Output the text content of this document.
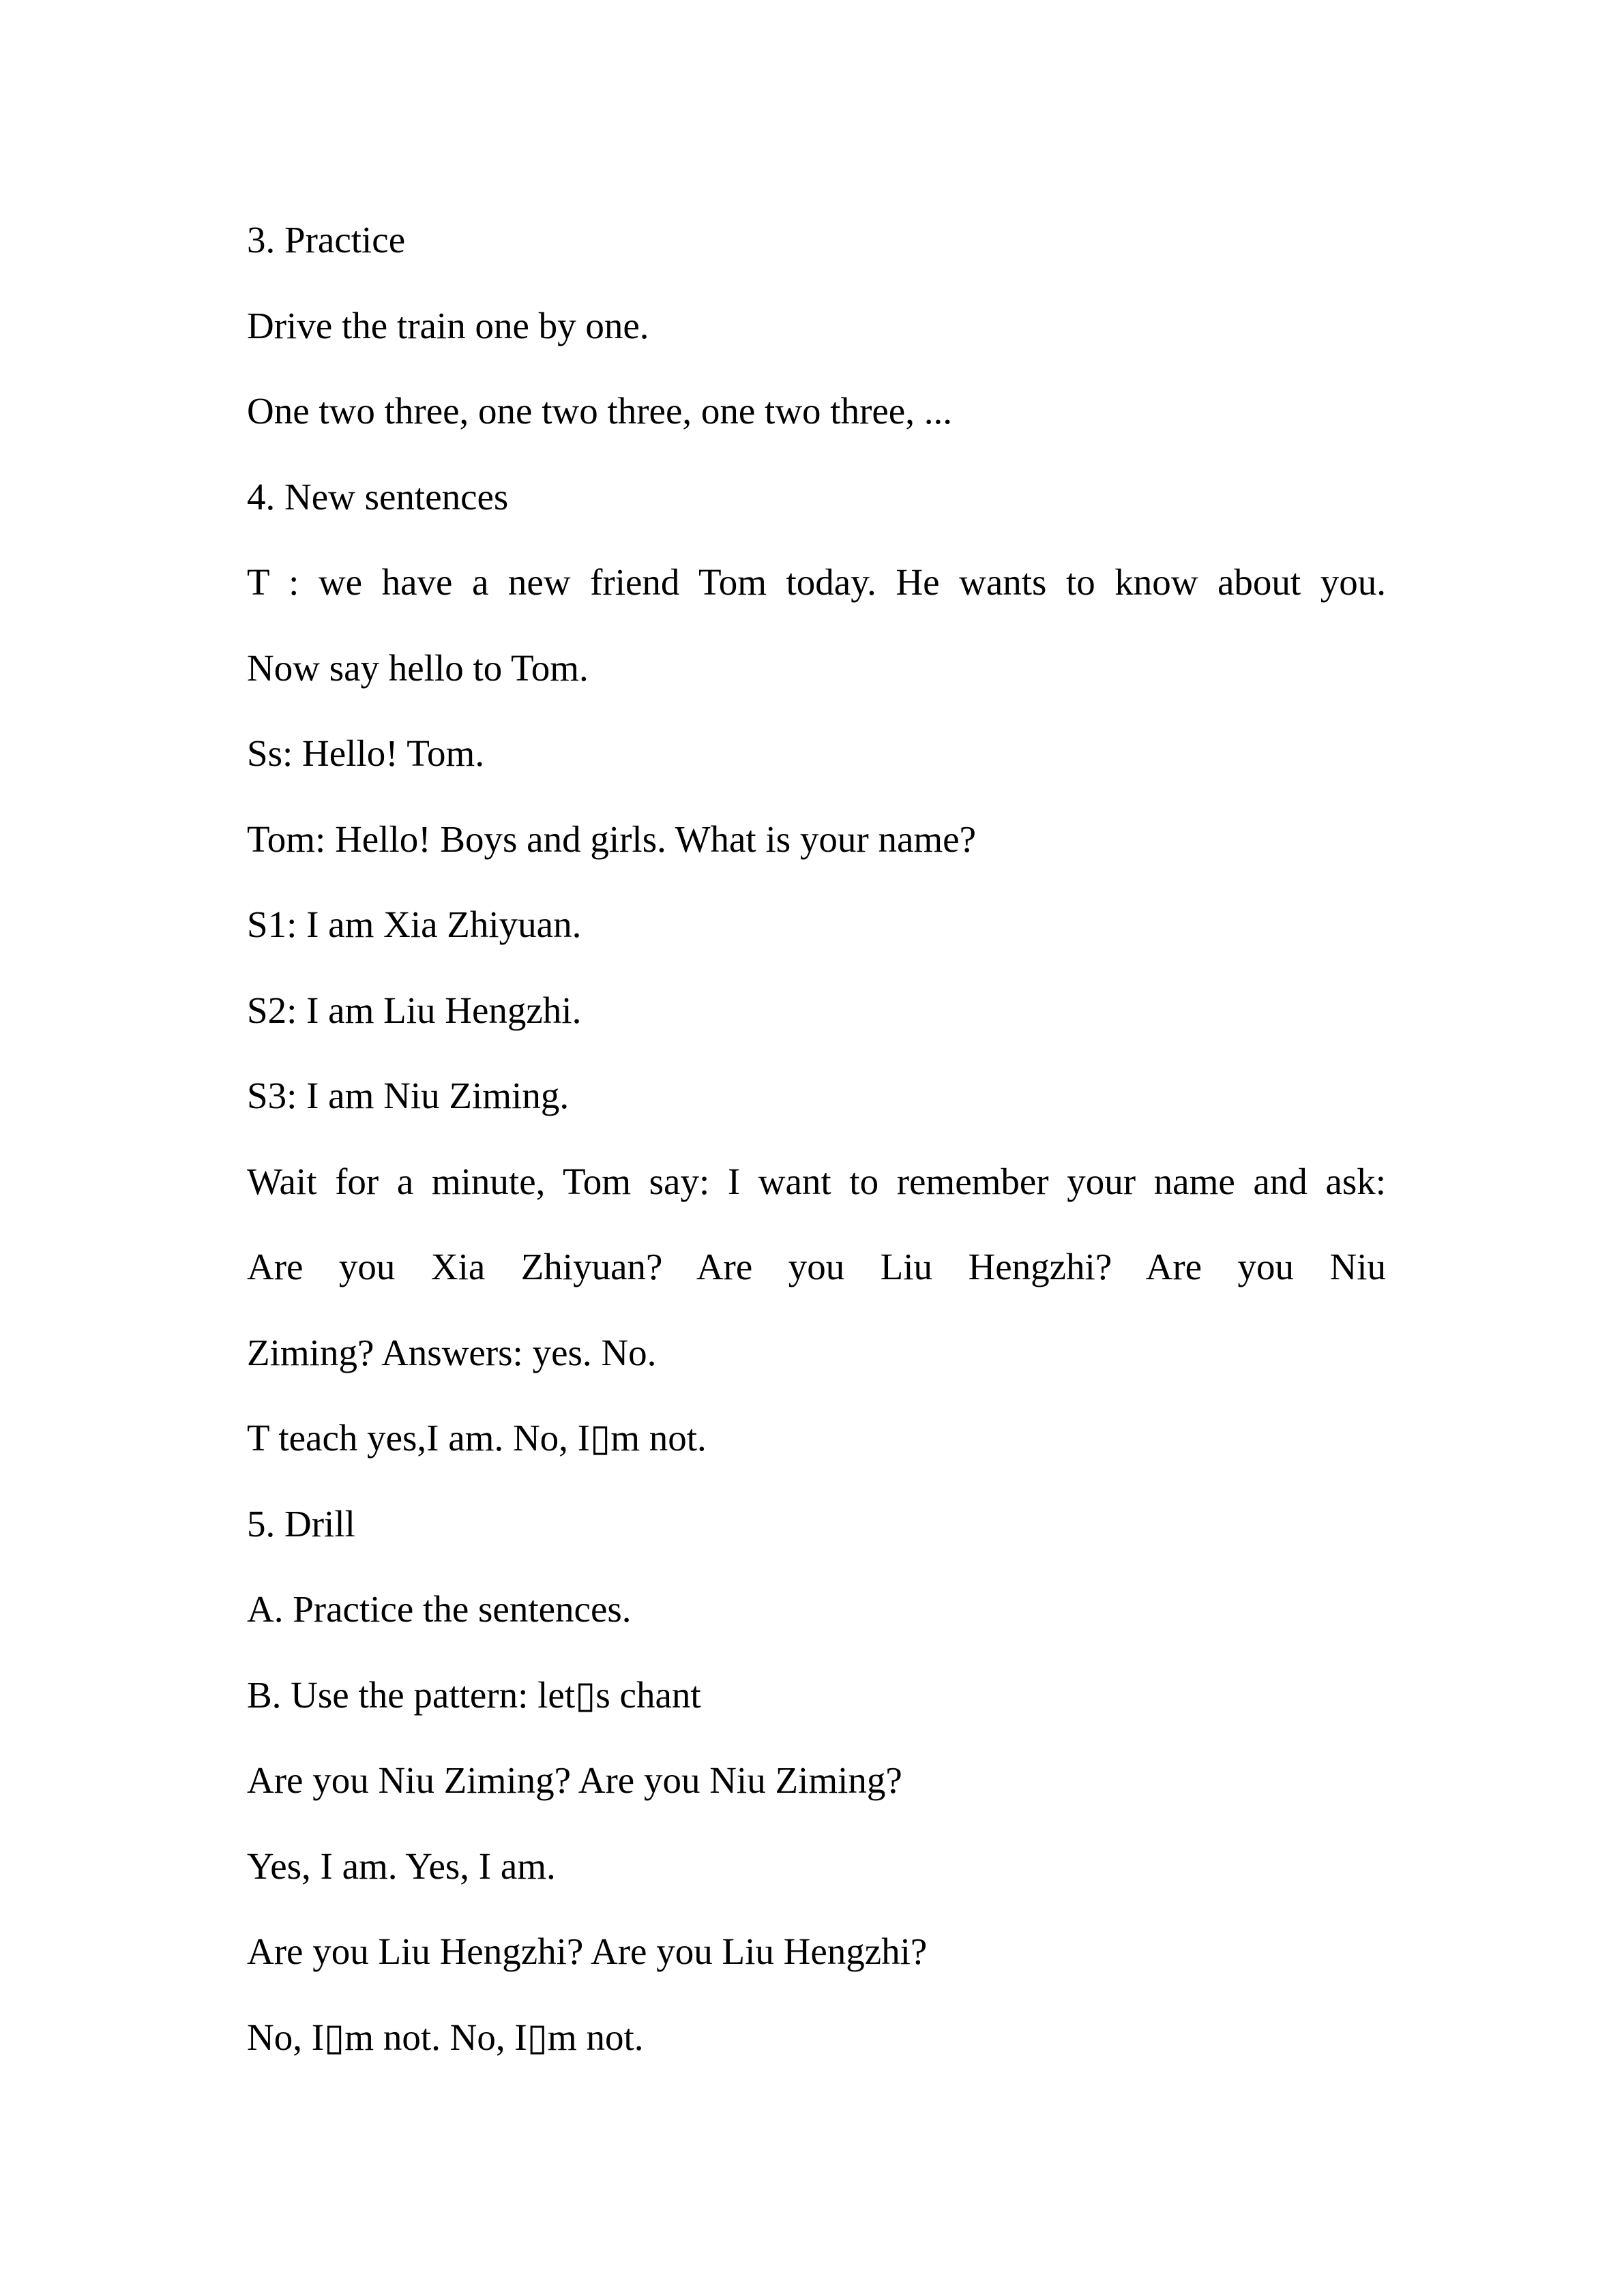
3. Practice
Drive the train one by one.
One two three, one two three, one two three, ...
4. New sentences
T : we have a new friend Tom today. He wants to know about you.
Now say hello to Tom.
Ss: Hello! Tom.
Tom: Hello! Boys and girls. What is your name?
S1: I am Xia Zhiyuan.
S2: I am Liu Hengzhi.
S3: I am Niu Ziming.
Wait for a minute, Tom say: I want to remember your name and ask:
Are you Xia Zhiyuan? Are you Liu Hengzhi? Are you Niu
Ziming? Answers: yes. No.
T teach yes,I am. No, I▯m not.
5. Drill
A. Practice the sentences.
B. Use the pattern: let▯s chant
Are you Niu Ziming? Are you Niu Ziming?
Yes, I am. Yes, I am.
Are you Liu Hengzhi? Are you Liu Hengzhi?
No, I▯m not. No, I▯m not.
